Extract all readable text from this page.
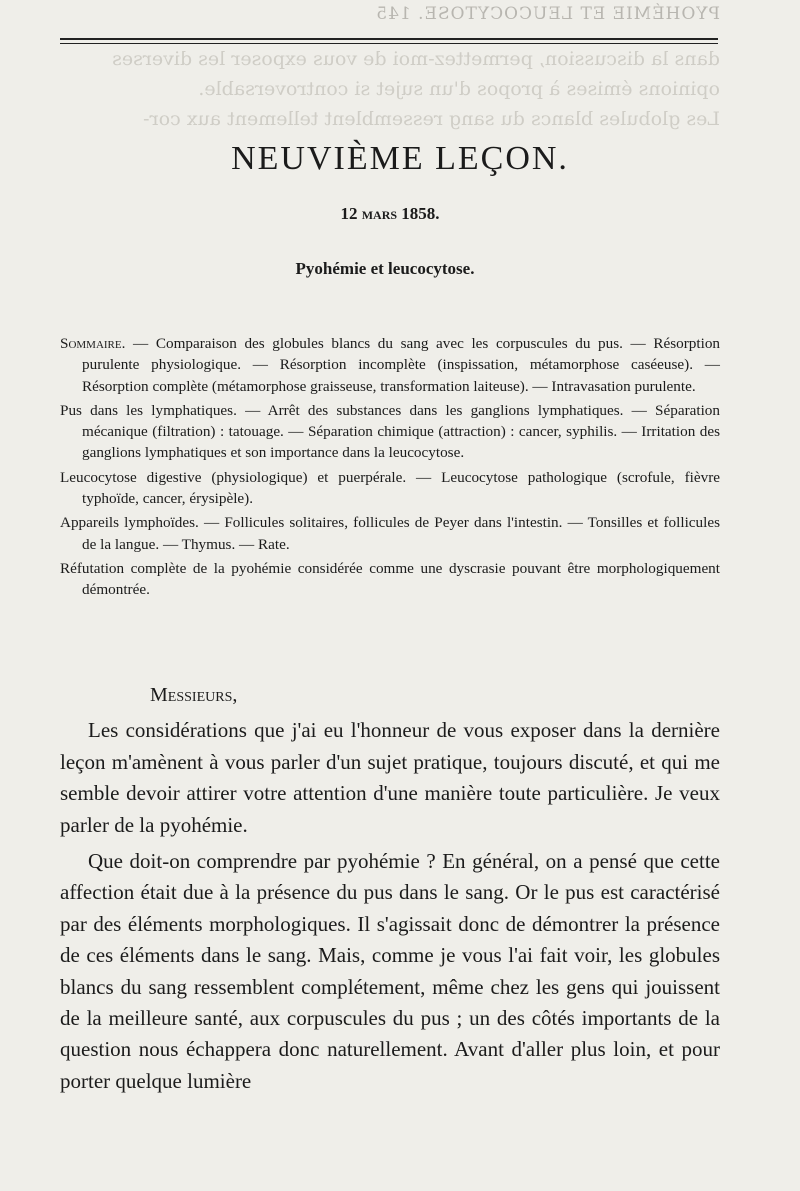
PYOHÉMIE ET LEUCOCYTOSE. 145
dans la discussion, permettez-moi de vous exposer les diverses
opinions émises à propos d'un sujet si controversable.
Les globules blancs du sang ressemblent tellement aux cor-
NEUVIÈME LEÇON.
12 mars 1858.
Pyohémie et leucocytose.

Sommaire. — Comparaison des globules blancs du sang avec les corpuscules du pus. — Résorption purulente physiologique. — Résorption incomplète (inspissation, métamorphose caséeuse). — Résorption complète (métamorphose graisseuse, transformation laiteuse). — Intravasation purulente.

Pus dans les lymphatiques. — Arrêt des substances dans les ganglions lymphatiques. — Séparation mécanique (filtration) : tatouage. — Séparation chimique (attraction) : cancer, syphilis. — Irritation des ganglions lymphatiques et son importance dans la leucocytose.

Leucocytose digestive (physiologique) et puerpérale. — Leucocytose pathologique (scrofule, fièvre typhoïde, cancer, érysipèle).

Appareils lymphoïdes. — Follicules solitaires, follicules de Peyer dans l'intestin. — Tonsilles et follicules de la langue. — Thymus. — Rate.

Réfutation complète de la pyohémie considérée comme une dyscrasie pouvant être morphologiquement démontrée.

Messieurs,

Les considérations que j'ai eu l'honneur de vous exposer dans la dernière leçon m'amènent à vous parler d'un sujet pratique, toujours discuté, et qui me semble devoir attirer votre attention d'une manière toute particulière. Je veux parler de la pyohémie.

Que doit-on comprendre par pyohémie ? En général, on a pensé que cette affection était due à la présence du pus dans le sang. Or le pus est caractérisé par des éléments morphologiques. Il s'agissait donc de démontrer la présence de ces éléments dans le sang. Mais, comme je vous l'ai fait voir, les globules blancs du sang ressemblent complétement, même chez les gens qui jouissent de la meilleure santé, aux corpuscules du pus ; un des côtés importants de la question nous échappera donc naturellement. Avant d'aller plus loin, et pour porter quelque lumière
